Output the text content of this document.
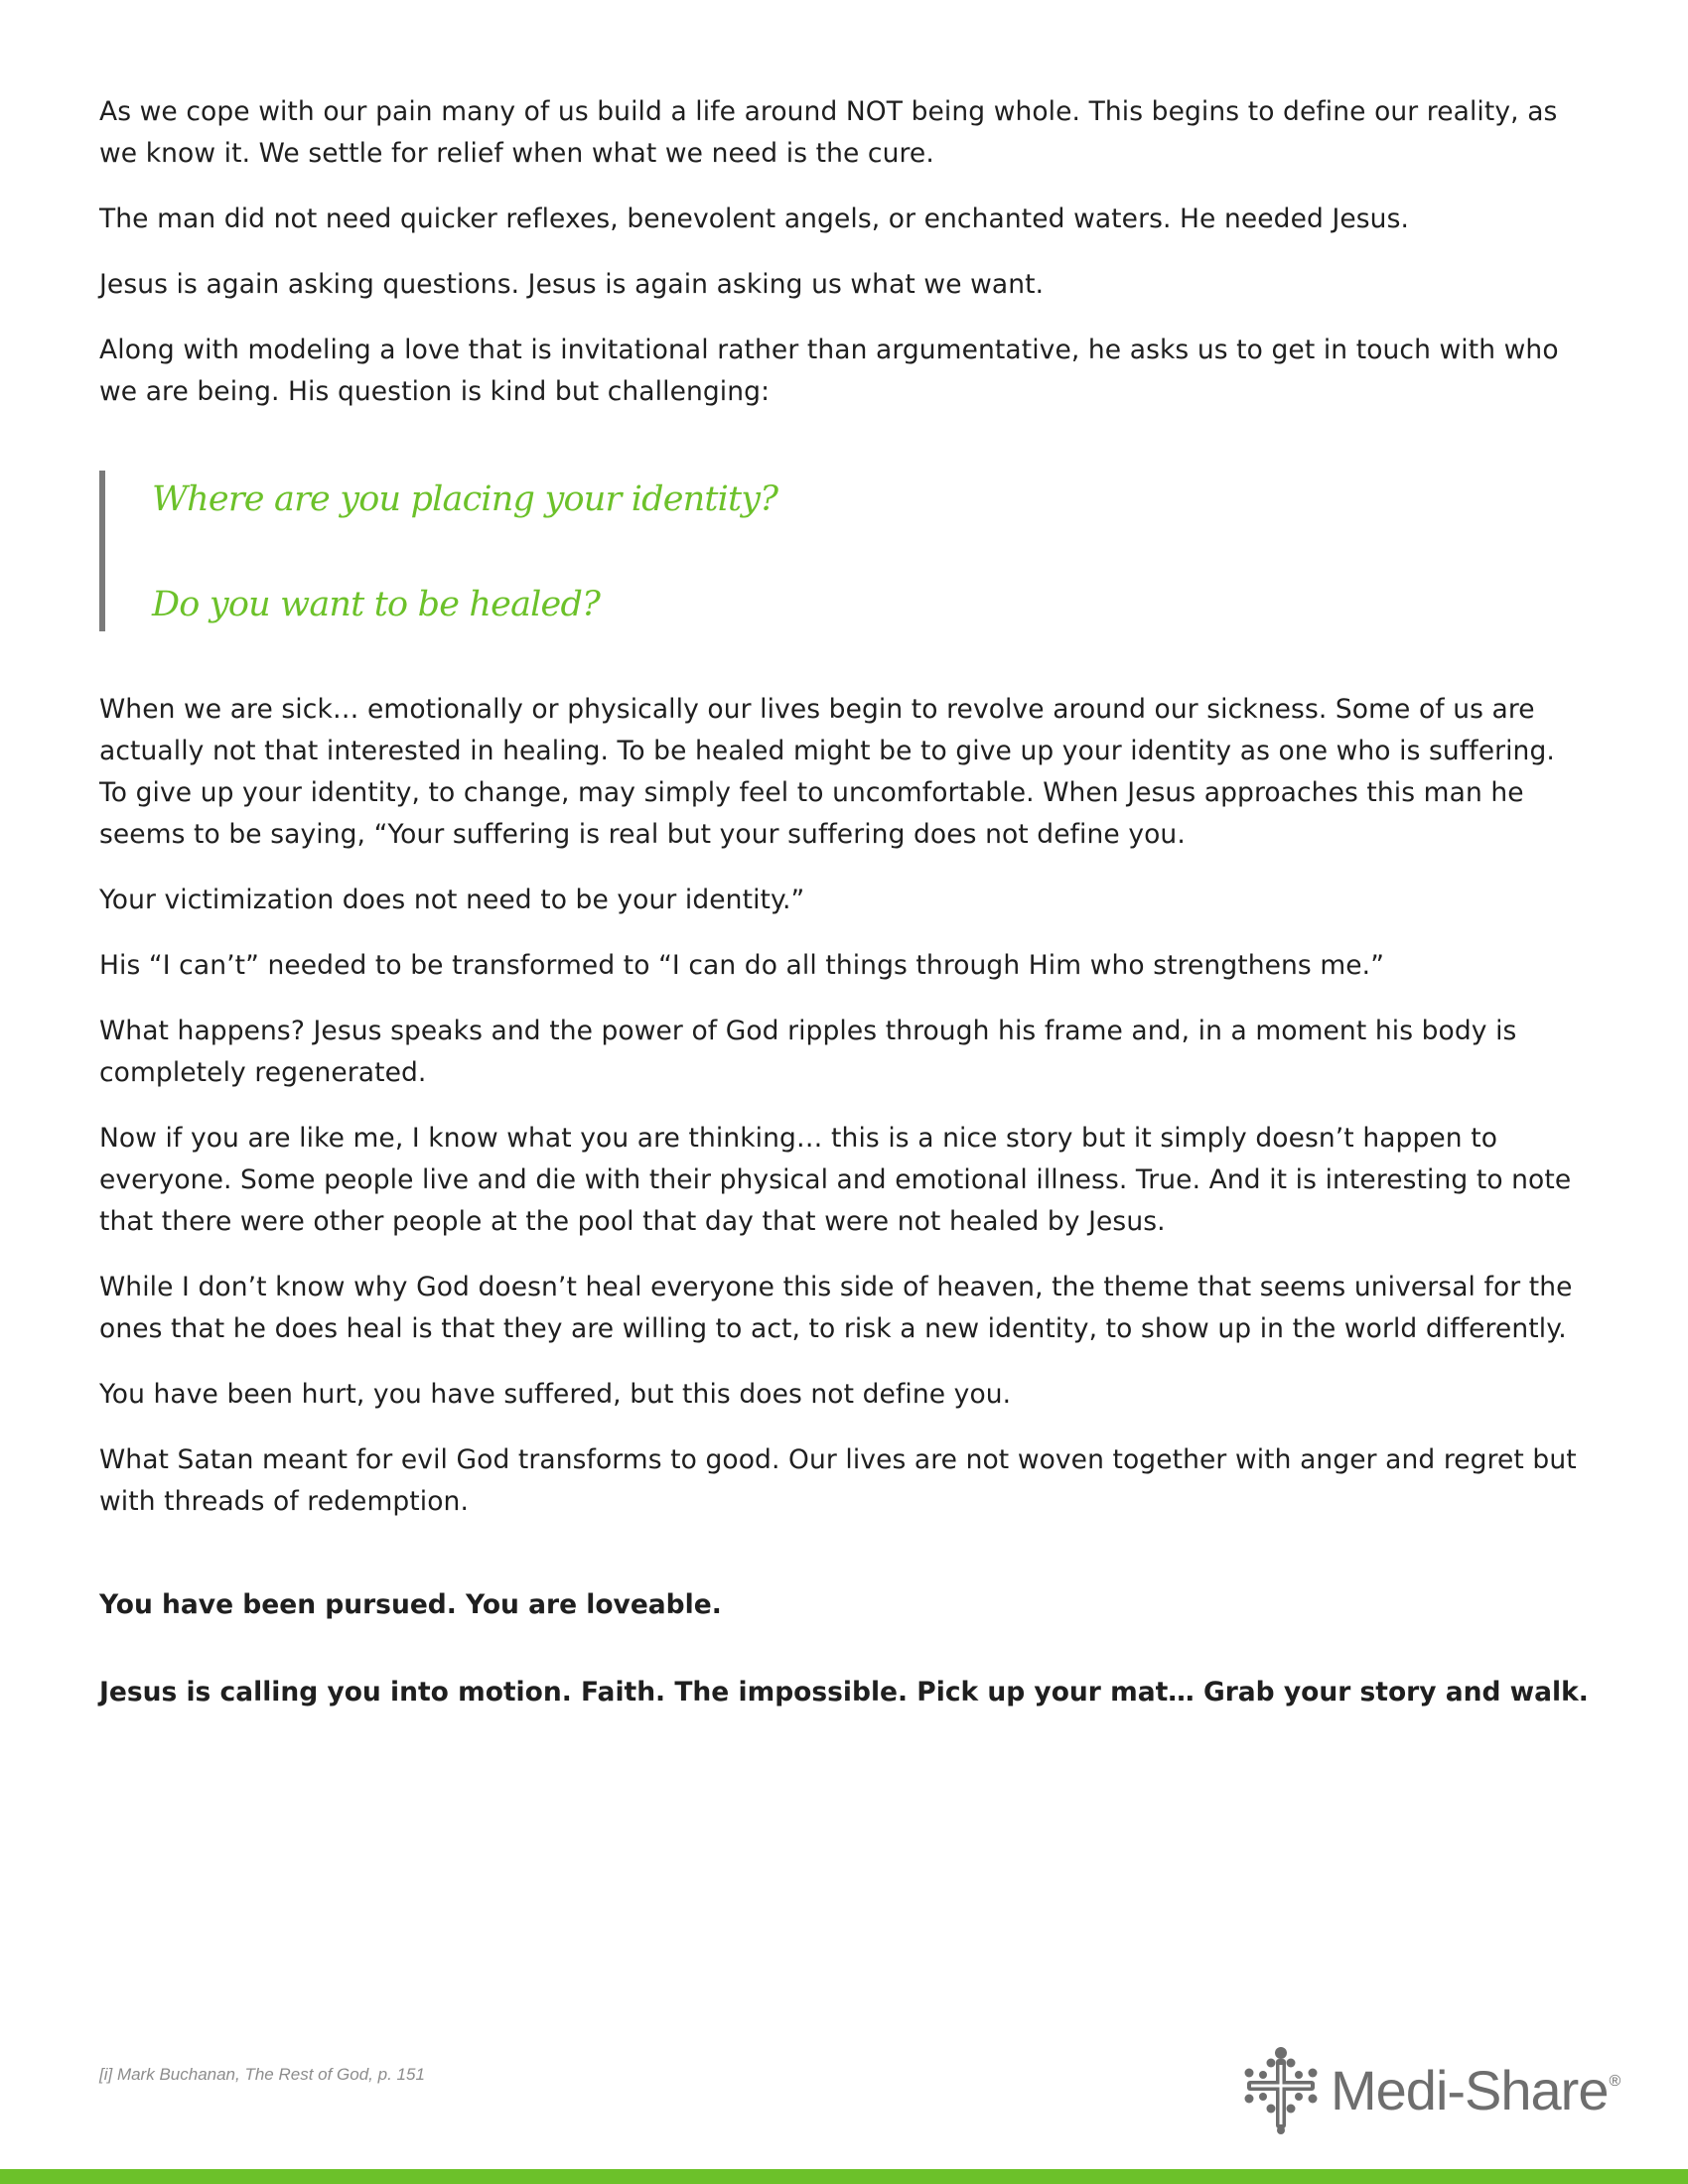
As we cope with our pain many of us build a life around NOT being whole. This begins to define our reality, as we know it. We settle for relief when what we need is the cure.

The man did not need quicker reflexes, benevolent angels, or enchanted waters. He needed Jesus.

Jesus is again asking questions. Jesus is again asking us what we want.

Along with modeling a love that is invitational rather than argumentative, he asks us to get in touch with who we are being. His question is kind but challenging:

Where are you placing your identity?

Do you want to be healed?

When we are sick… emotionally or physically our lives begin to revolve around our sickness. Some of us are actually not that interested in healing. To be healed might be to give up your identity as one who is suffering. To give up your identity, to change, may simply feel to uncomfortable. When Jesus approaches this man he seems to be saying, “Your suffering is real but your suffering does not define you.

Your victimization does not need to be your identity.”

His “I can’t” needed to be transformed to “I can do all things through Him who strengthens me.”

What happens? Jesus speaks and the power of God ripples through his frame and, in a moment his body is completely regenerated.

Now if you are like me, I know what you are thinking… this is a nice story but it simply doesn’t happen to everyone. Some people live and die with their physical and emotional illness. True. And it is interesting to note that there were other people at the pool that day that were not healed by Jesus.

While I don’t know why God doesn’t heal everyone this side of heaven, the theme that seems universal for the ones that he does heal is that they are willing to act, to risk a new identity, to show up in the world differently.

You have been hurt, you have suffered, but this does not define you.

What Satan meant for evil God transforms to good. Our lives are not woven together with anger and regret but with threads of redemption.

You have been pursued. You are loveable.

Jesus is calling you into motion. Faith. The impossible. Pick up your mat… Grab your story and walk.

[i] Mark Buchanan, The Rest of God, p. 151	Medi-Share ®
